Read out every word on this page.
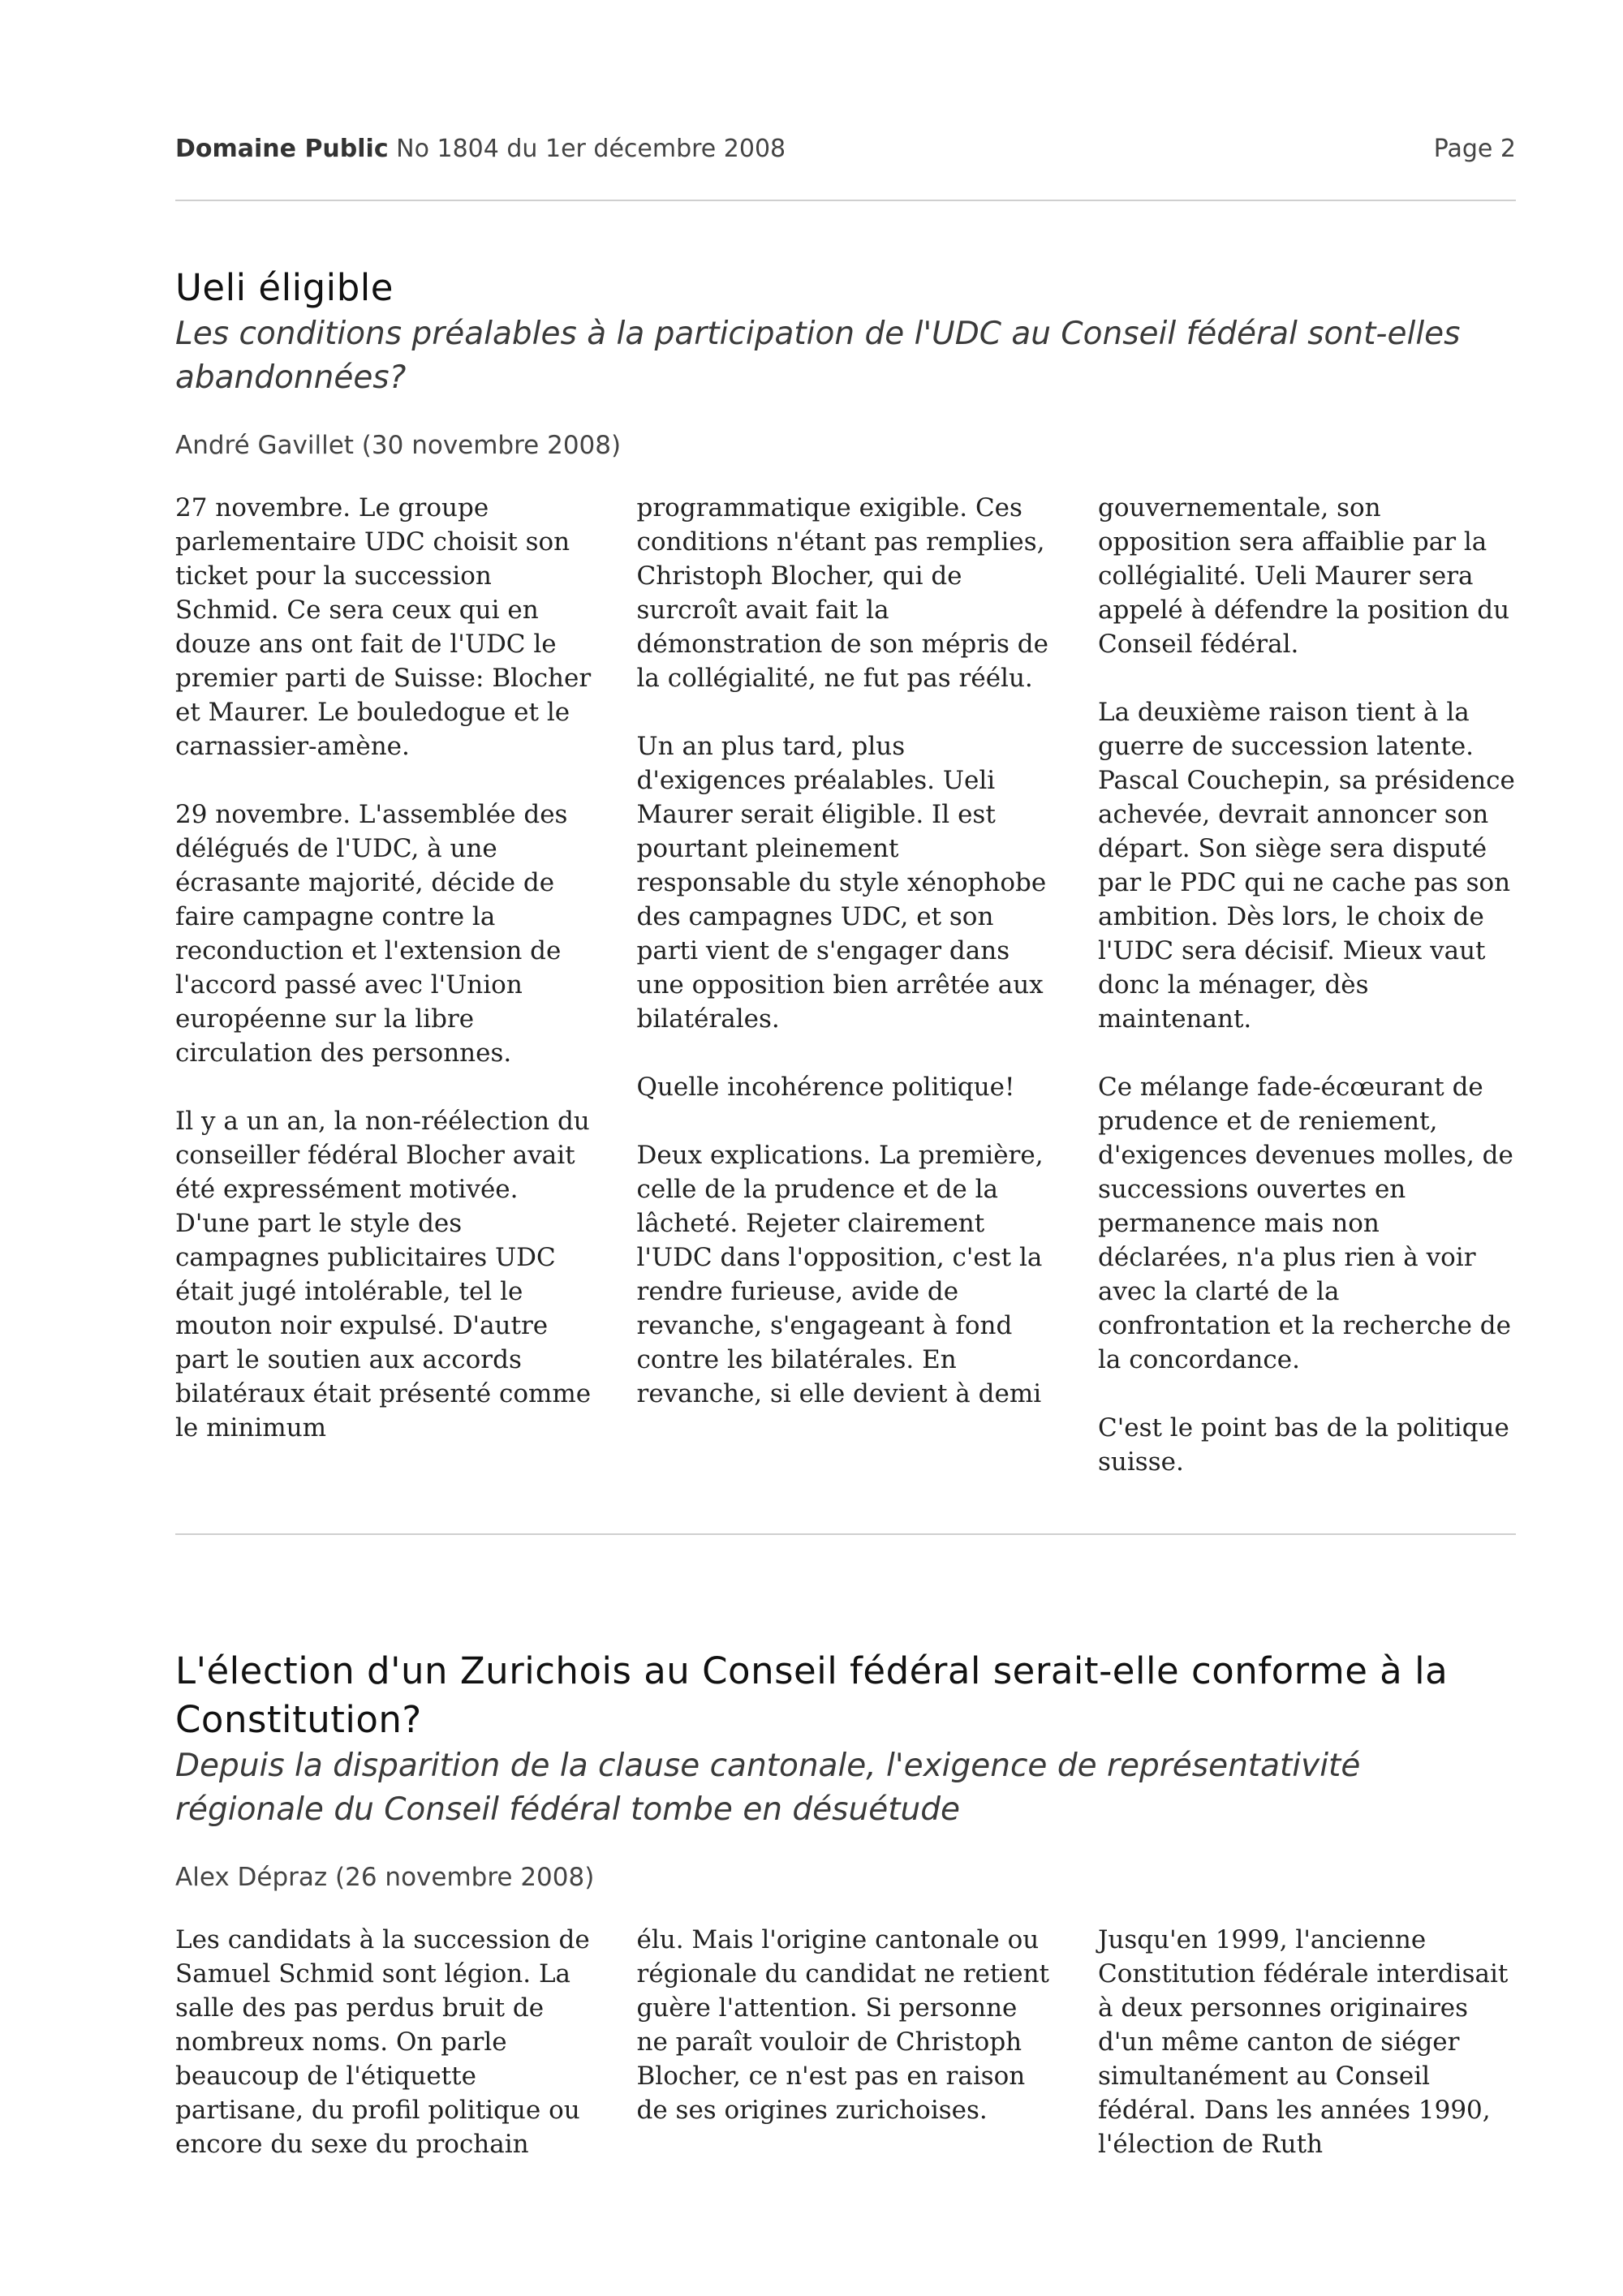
Domaine Public No 1804 du 1er décembre 2008	Page 2
Ueli éligible

Les conditions préalables à la participation de l'UDC au Conseil fédéral sont-elles abandonnées?

André Gavillet (30 novembre 2008)

27 novembre. Le groupe parlementaire UDC choisit son ticket pour la succession Schmid. Ce sera ceux qui en douze ans ont fait de l'UDC le premier parti de Suisse: Blocher et Maurer. Le bouledogue et le carnassier-amène.

29 novembre. L'assemblée des délégués de l'UDC, à une écrasante majorité, décide de faire campagne contre la reconduction et l'extension de l'accord passé avec l'Union européenne sur la libre circulation des personnes.

Il y a un an, la non-réélection du conseiller fédéral Blocher avait été expressément motivée. D'une part le style des campagnes publicitaires UDC était jugé intolérable, tel le mouton noir expulsé. D'autre part le soutien aux accords bilatéraux était présenté comme le minimum

programmatique exigible. Ces conditions n'étant pas remplies, Christoph Blocher, qui de surcroît avait fait la démonstration de son mépris de la collégialité, ne fut pas réélu.

Un an plus tard, plus d'exigences préalables. Ueli Maurer serait éligible. Il est pourtant pleinement responsable du style xénophobe des campagnes UDC, et son parti vient de s'engager dans une opposition bien arrêtée aux bilatérales.

Quelle incohérence politique!

Deux explications. La première, celle de la prudence et de la lâcheté. Rejeter clairement l'UDC dans l'opposition, c'est la rendre furieuse, avide de revanche, s'engageant à fond contre les bilatérales. En revanche, si elle devient à demi

gouvernementale, son opposition sera affaiblie par la collégialité. Ueli Maurer sera appelé à défendre la position du Conseil fédéral.

La deuxième raison tient à la guerre de succession latente. Pascal Couchepin, sa présidence achevée, devrait annoncer son départ. Son siège sera disputé par le PDC qui ne cache pas son ambition. Dès lors, le choix de l'UDC sera décisif. Mieux vaut donc la ménager, dès maintenant.

Ce mélange fade-écœurant de prudence et de reniement, d'exigences devenues molles, de successions ouvertes en permanence mais non déclarées, n'a plus rien à voir avec la clarté de la confrontation et la recherche de la concordance.

C'est le point bas de la politique suisse.

L'élection d'un Zurichois au Conseil fédéral serait-elle conforme à la Constitution?

Depuis la disparition de la clause cantonale, l'exigence de représentativité régionale du Conseil fédéral tombe en désuétude

Alex Dépraz (26 novembre 2008)

Les candidats à la succession de Samuel Schmid sont légion. La salle des pas perdus bruit de nombreux noms. On parle beaucoup de l'étiquette partisane, du profil politique ou encore du sexe du prochain

élu. Mais l'origine cantonale ou régionale du candidat ne retient guère l'attention. Si personne ne paraît vouloir de Christoph Blocher, ce n'est pas en raison de ses origines zurichoises.

Jusqu'en 1999, l'ancienne Constitution fédérale interdisait à deux personnes originaires d'un même canton de siéger simultanément au Conseil fédéral. Dans les années 1990, l'élection de Ruth
